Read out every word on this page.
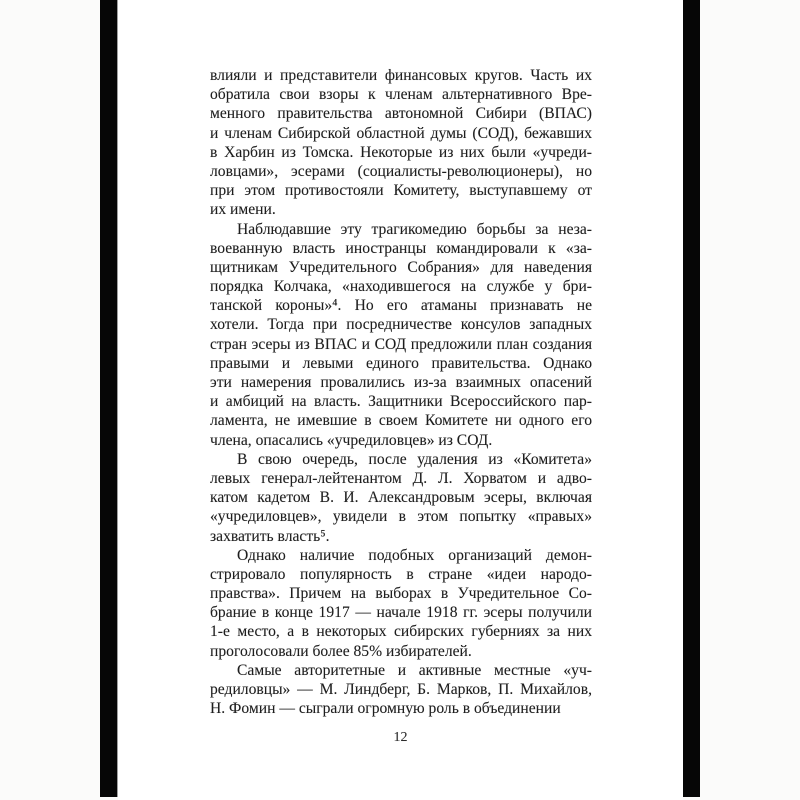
влияли и представители финансовых кругов. Часть их
обратила свои взоры к членам альтернативного Вре-
менного правительства автономной Сибири (ВПАС)
и членам Сибирской областной думы (СОД), бежавших
в Харбин из Томска. Некоторые из них были «учреди-
ловцами», эсерами (социалисты-революционеры), но
при этом противостояли Комитету, выступавшему от
их имени.
Наблюдавшие эту трагикомедию борьбы за неза-
воеванную власть иностранцы командировали к «за-
щитникам Учредительного Собрания» для наведения
порядка Колчака, «находившегося на службе у бри-
танской короны»⁴. Но его атаманы признавать не
хотели. Тогда при посредничестве консулов западных
стран эсеры из ВПАС и СОД предложили план создания
правыми и левыми единого правительства. Однако
эти намерения провалились из-за взаимных опасений
и амбиций на власть. Защитники Всероссийского пар-
ламента, не имевшие в своем Комитете ни одного его
члена, опасались «учредиловцев» из СОД.
В свою очередь, после удаления из «Комитета»
левых генерал-лейтенантом Д. Л. Хорватом и адво-
катом кадетом В. И. Александровым эсеры, включая
«учредиловцев», увидели в этом попытку «правых»
захватить власть⁵.
Однако наличие подобных организаций демон-
стрировало популярность в стране «идеи народо-
правства». Причем на выборах в Учредительное Со-
брание в конце 1917 — начале 1918 гг. эсеры получили
1-е место, а в некоторых сибирских губерниях за них
проголосовали более 85% избирателей.
Самые авторитетные и активные местные «уч-
редиловцы» — М. Линдберг, Б. Марков, П. Михайлов,
Н. Фомин — сыграли огромную роль в объединении
12
